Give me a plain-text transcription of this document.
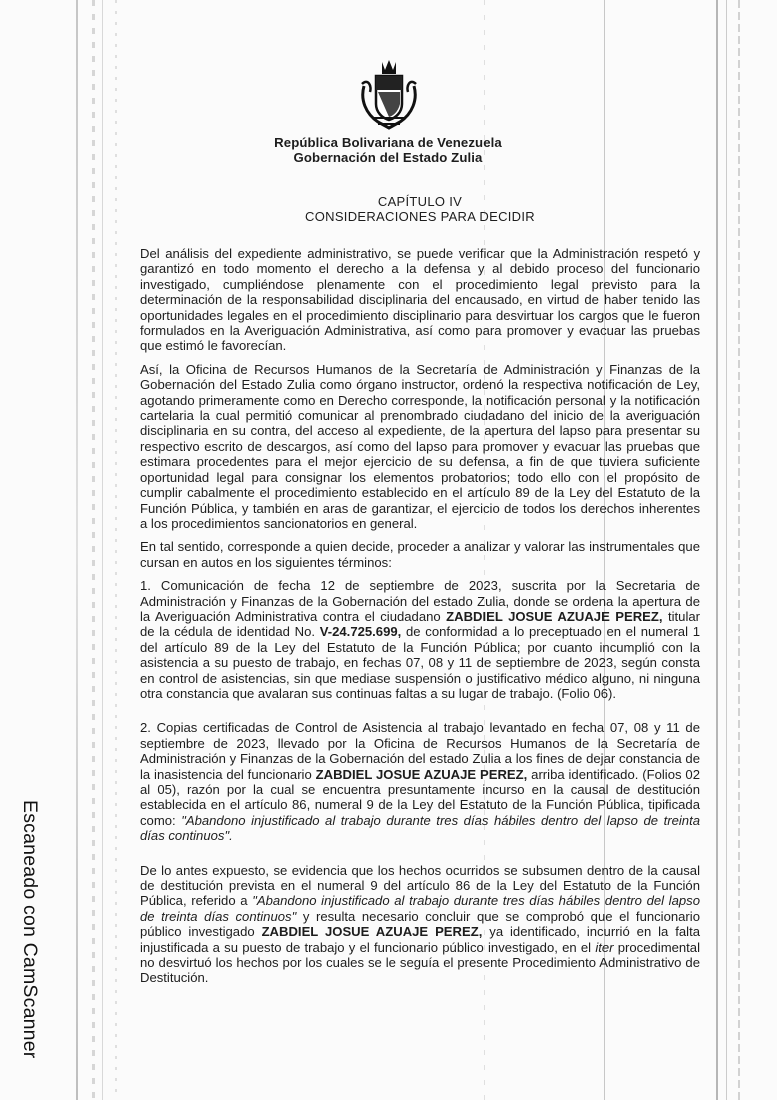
República Bolivariana de Venezuela
Gobernación del Estado Zulia
CAPÍTULO IV
CONSIDERACIONES PARA DECIDIR

Del análisis del expediente administrativo, se puede verificar que la Administración respetó y garantizó en todo momento el derecho a la defensa y al debido proceso del funcionario investigado, cumpliéndose plenamente con el procedimiento legal previsto para la determinación de la responsabilidad disciplinaria del encausado, en virtud de haber tenido las oportunidades legales en el procedimiento disciplinario para desvirtuar los cargos que le fueron formulados en la Averiguación Administrativa, así como para promover y evacuar las pruebas que estimó le favorecían.

Así, la Oficina de Recursos Humanos de la Secretaría de Administración y Finanzas de la Gobernación del Estado Zulia como órgano instructor, ordenó la respectiva notificación de Ley, agotando primeramente como en Derecho corresponde, la notificación personal y la notificación cartelaria la cual permitió comunicar al prenombrado ciudadano del inicio de la averiguación disciplinaria en su contra, del acceso al expediente, de la apertura del lapso para presentar su respectivo escrito de descargos, así como del lapso para promover y evacuar las pruebas que estimara procedentes para el mejor ejercicio de su defensa, a fin de que tuviera suficiente oportunidad legal para consignar los elementos probatorios; todo ello con el propósito de cumplir cabalmente el procedimiento establecido en el artículo 89 de la Ley del Estatuto de la Función Pública, y también en aras de garantizar, el ejercicio de todos los derechos inherentes a los procedimientos sancionatorios en general.

En tal sentido, corresponde a quien decide, proceder a analizar y valorar las instrumentales que cursan en autos en los siguientes términos:

1. Comunicación de fecha 12 de septiembre de 2023, suscrita por la Secretaria de Administración y Finanzas de la Gobernación del estado Zulia, donde se ordena la apertura de la Averiguación Administrativa contra el ciudadano ZABDIEL JOSUE AZUAJE PEREZ, titular de la cédula de identidad No. V-24.725.699, de conformidad a lo preceptuado en el numeral 1 del artículo 89 de la Ley del Estatuto de la Función Pública; por cuanto incumplió con la asistencia a su puesto de trabajo, en fechas 07, 08 y 11 de septiembre de 2023, según consta en control de asistencias, sin que mediase suspensión o justificativo médico alguno, ni ninguna otra constancia que avalaran sus continuas faltas a su lugar de trabajo. (Folio 06).

2. Copias certificadas de Control de Asistencia al trabajo levantado en fecha 07, 08 y 11 de septiembre de 2023, llevado por la Oficina de Recursos Humanos de la Secretaría de Administración y Finanzas de la Gobernación del estado Zulia a los fines de dejar constancia de la inasistencia del funcionario ZABDIEL JOSUE AZUAJE PEREZ, arriba identificado. (Folios 02 al 05), razón por la cual se encuentra presuntamente incurso en la causal de destitución establecida en el artículo 86, numeral 9 de la Ley del Estatuto de la Función Pública, tipificada como: "Abandono injustificado al trabajo durante tres días hábiles dentro del lapso de treinta días continuos".

De lo antes expuesto, se evidencia que los hechos ocurridos se subsumen dentro de la causal de destitución prevista en el numeral 9 del artículo 86 de la Ley del Estatuto de la Función Pública, referido a "Abandono injustificado al trabajo durante tres días hábiles dentro del lapso de treinta días continuos" y resulta necesario concluir que se comprobó que el funcionario público investigado ZABDIEL JOSUE AZUAJE PEREZ, ya identificado, incurrió en la falta injustificada a su puesto de trabajo y el funcionario público investigado, en el iter procedimental no desvirtuó los hechos por los cuales se le seguía el presente Procedimiento Administrativo de Destitución.

Escaneado con CamScanner
